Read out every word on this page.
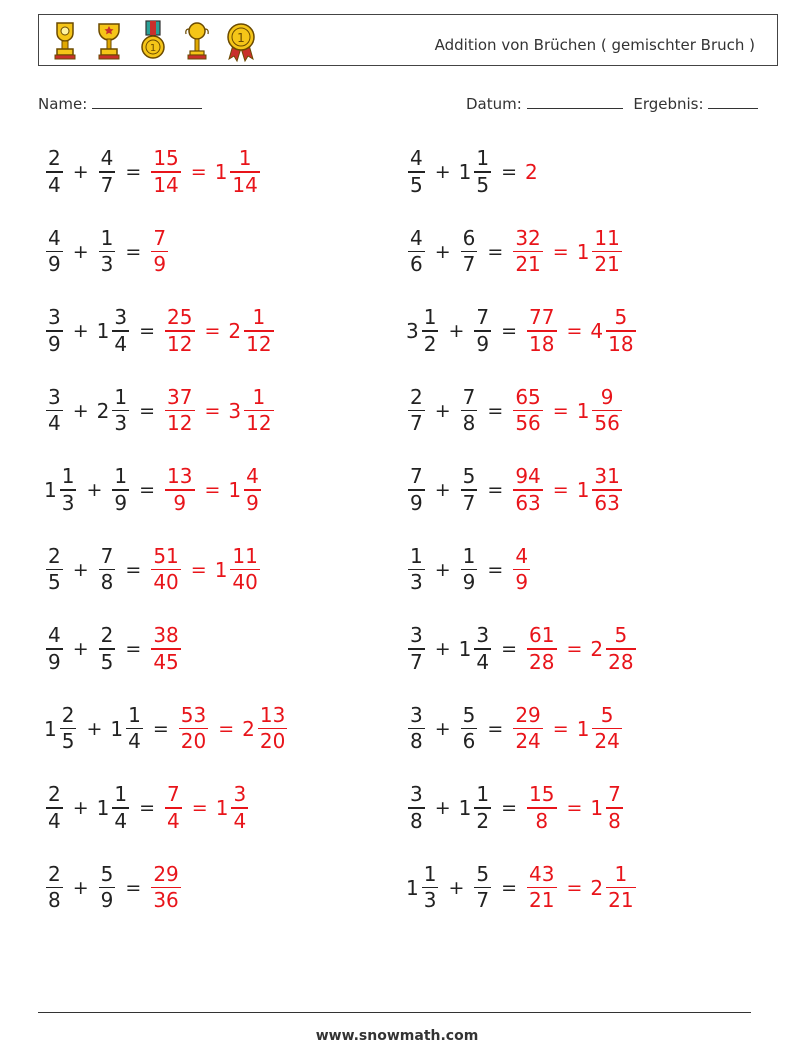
1
1	Addition von Brüchen ( gemischter Bruch )
Name:	Datum:	Ergebnis:
$\frac{2}{4} + \frac{4}{7} = \frac{15}{14} = 1 \frac{1}{14}$	$\frac{4}{5} + 1 \frac{1}{5} = 2$
$\frac{4}{9} + \frac{1}{3} = \frac{7}{9}$	$\frac{4}{6} + \frac{6}{7} = \frac{32}{21} = 1 \frac{11}{21}$
$\frac{3}{9} + 1 \frac{3}{4} = \frac{25}{12} = 2 \frac{1}{12}$	$3 \frac{1}{2} + \frac{7}{9} = \frac{77}{18} = 4 \frac{5}{18}$
$\frac{3}{4} + 2 \frac{1}{3} = \frac{37}{12} = 3 \frac{1}{12}$	$\frac{2}{7} + \frac{7}{8} = \frac{65}{56} = 1 \frac{9}{56}$
$1 \frac{1}{3} + \frac{1}{9} = \frac{13}{9} = 1 \frac{4}{9}$	$\frac{7}{9} + \frac{5}{7} = \frac{94}{63} = 1 \frac{31}{63}$
$\frac{2}{5} + \frac{7}{8} = \frac{51}{40} = 1 \frac{11}{40}$	$\frac{1}{3} + \frac{1}{9} = \frac{4}{9}$
$\frac{4}{9} + \frac{2}{5} = \frac{38}{45}$	$\frac{3}{7} + 1 \frac{3}{4} = \frac{61}{28} = 2 \frac{5}{28}$
$1 \frac{2}{5} + 1 \frac{1}{4} = \frac{53}{20} = 2 \frac{13}{20}$	$\frac{3}{8} + \frac{5}{6} = \frac{29}{24} = 1 \frac{5}{24}$
$\frac{2}{4} + 1 \frac{1}{4} = \frac{7}{4} = 1 \frac{3}{4}$	$\frac{3}{8} + 1 \frac{1}{2} = \frac{15}{8} = 1 \frac{7}{8}$
$\frac{2}{8} + \frac{5}{9} = \frac{29}{36}$	$1 \frac{1}{3} + \frac{5}{7} = \frac{43}{21} = 2 \frac{1}{21}$
www.snowmath.com
